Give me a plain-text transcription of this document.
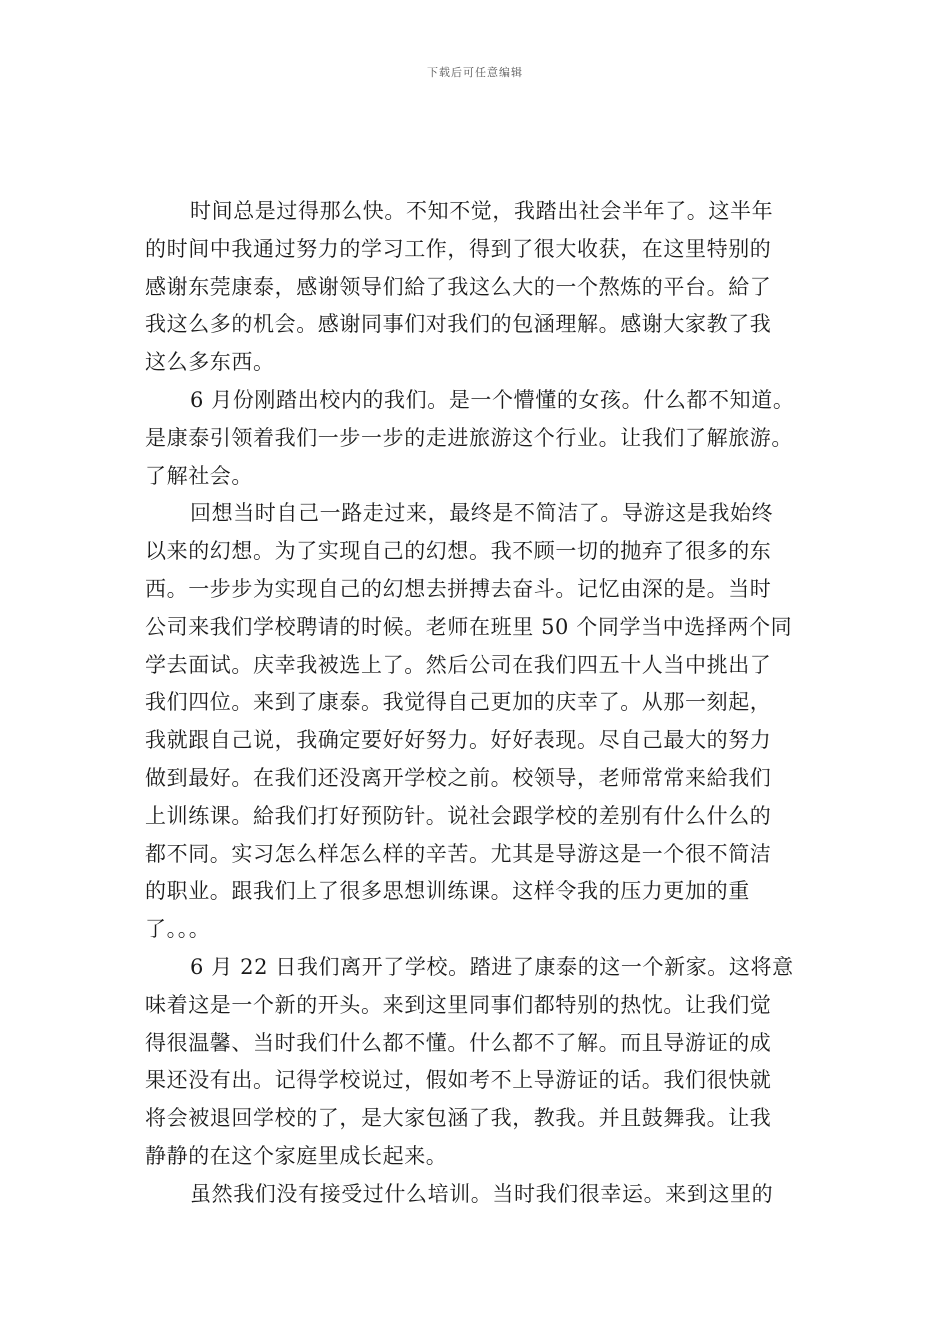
下载后可任意编辑
时间总是过得那么快。不知不觉，我踏出社会半年了。这半年
的时间中我通过努力的学习工作，得到了很大收获，在这里特别的
感谢东莞康泰，感谢领导们給了我这么大的一个熬炼的平台。給了
我这么多的机会。感谢同事们对我们的包涵理解。感谢大家教了我
这么多东西。
6 月份刚踏出校内的我们。是一个懵懂的女孩。什么都不知道。
是康泰引领着我们一步一步的走进旅游这个行业。让我们了解旅游。
了解社会。
回想当时自己一路走过来，最终是不简洁了。导游这是我始终
以来的幻想。为了实现自己的幻想。我不顾一切的抛弃了很多的东
西。一步步为实现自己的幻想去拼搏去奋斗。记忆由深的是。当时
公司来我们学校聘请的时候。老师在班里 50 个同学当中选择两个同
学去面试。庆幸我被选上了。然后公司在我们四五十人当中挑出了
我们四位。来到了康泰。我觉得自己更加的庆幸了。从那一刻起，
我就跟自己说，我确定要好好努力。好好表现。尽自己最大的努力
做到最好。在我们还没离开学校之前。校领导，老师常常来給我们
上训练课。給我们打好预防针。说社会跟学校的差别有什么什么的
都不同。实习怎么样怎么样的辛苦。尤其是导游这是一个很不简洁
的职业。跟我们上了很多思想训练课。这样令我的压力更加的重
了。。。
6 月 22 日我们离开了学校。踏进了康泰的这一个新家。这将意
味着这是一个新的开头。来到这里同事们都特别的热忱。让我们觉
得很温馨、当时我们什么都不懂。什么都不了解。而且导游证的成
果还没有出。记得学校说过，假如考不上导游证的话。我们很快就
将会被退回学校的了，是大家包涵了我，教我。并且鼓舞我。让我
静静的在这个家庭里成长起来。
虽然我们没有接受过什么培训。当时我们很幸运。来到这里的
